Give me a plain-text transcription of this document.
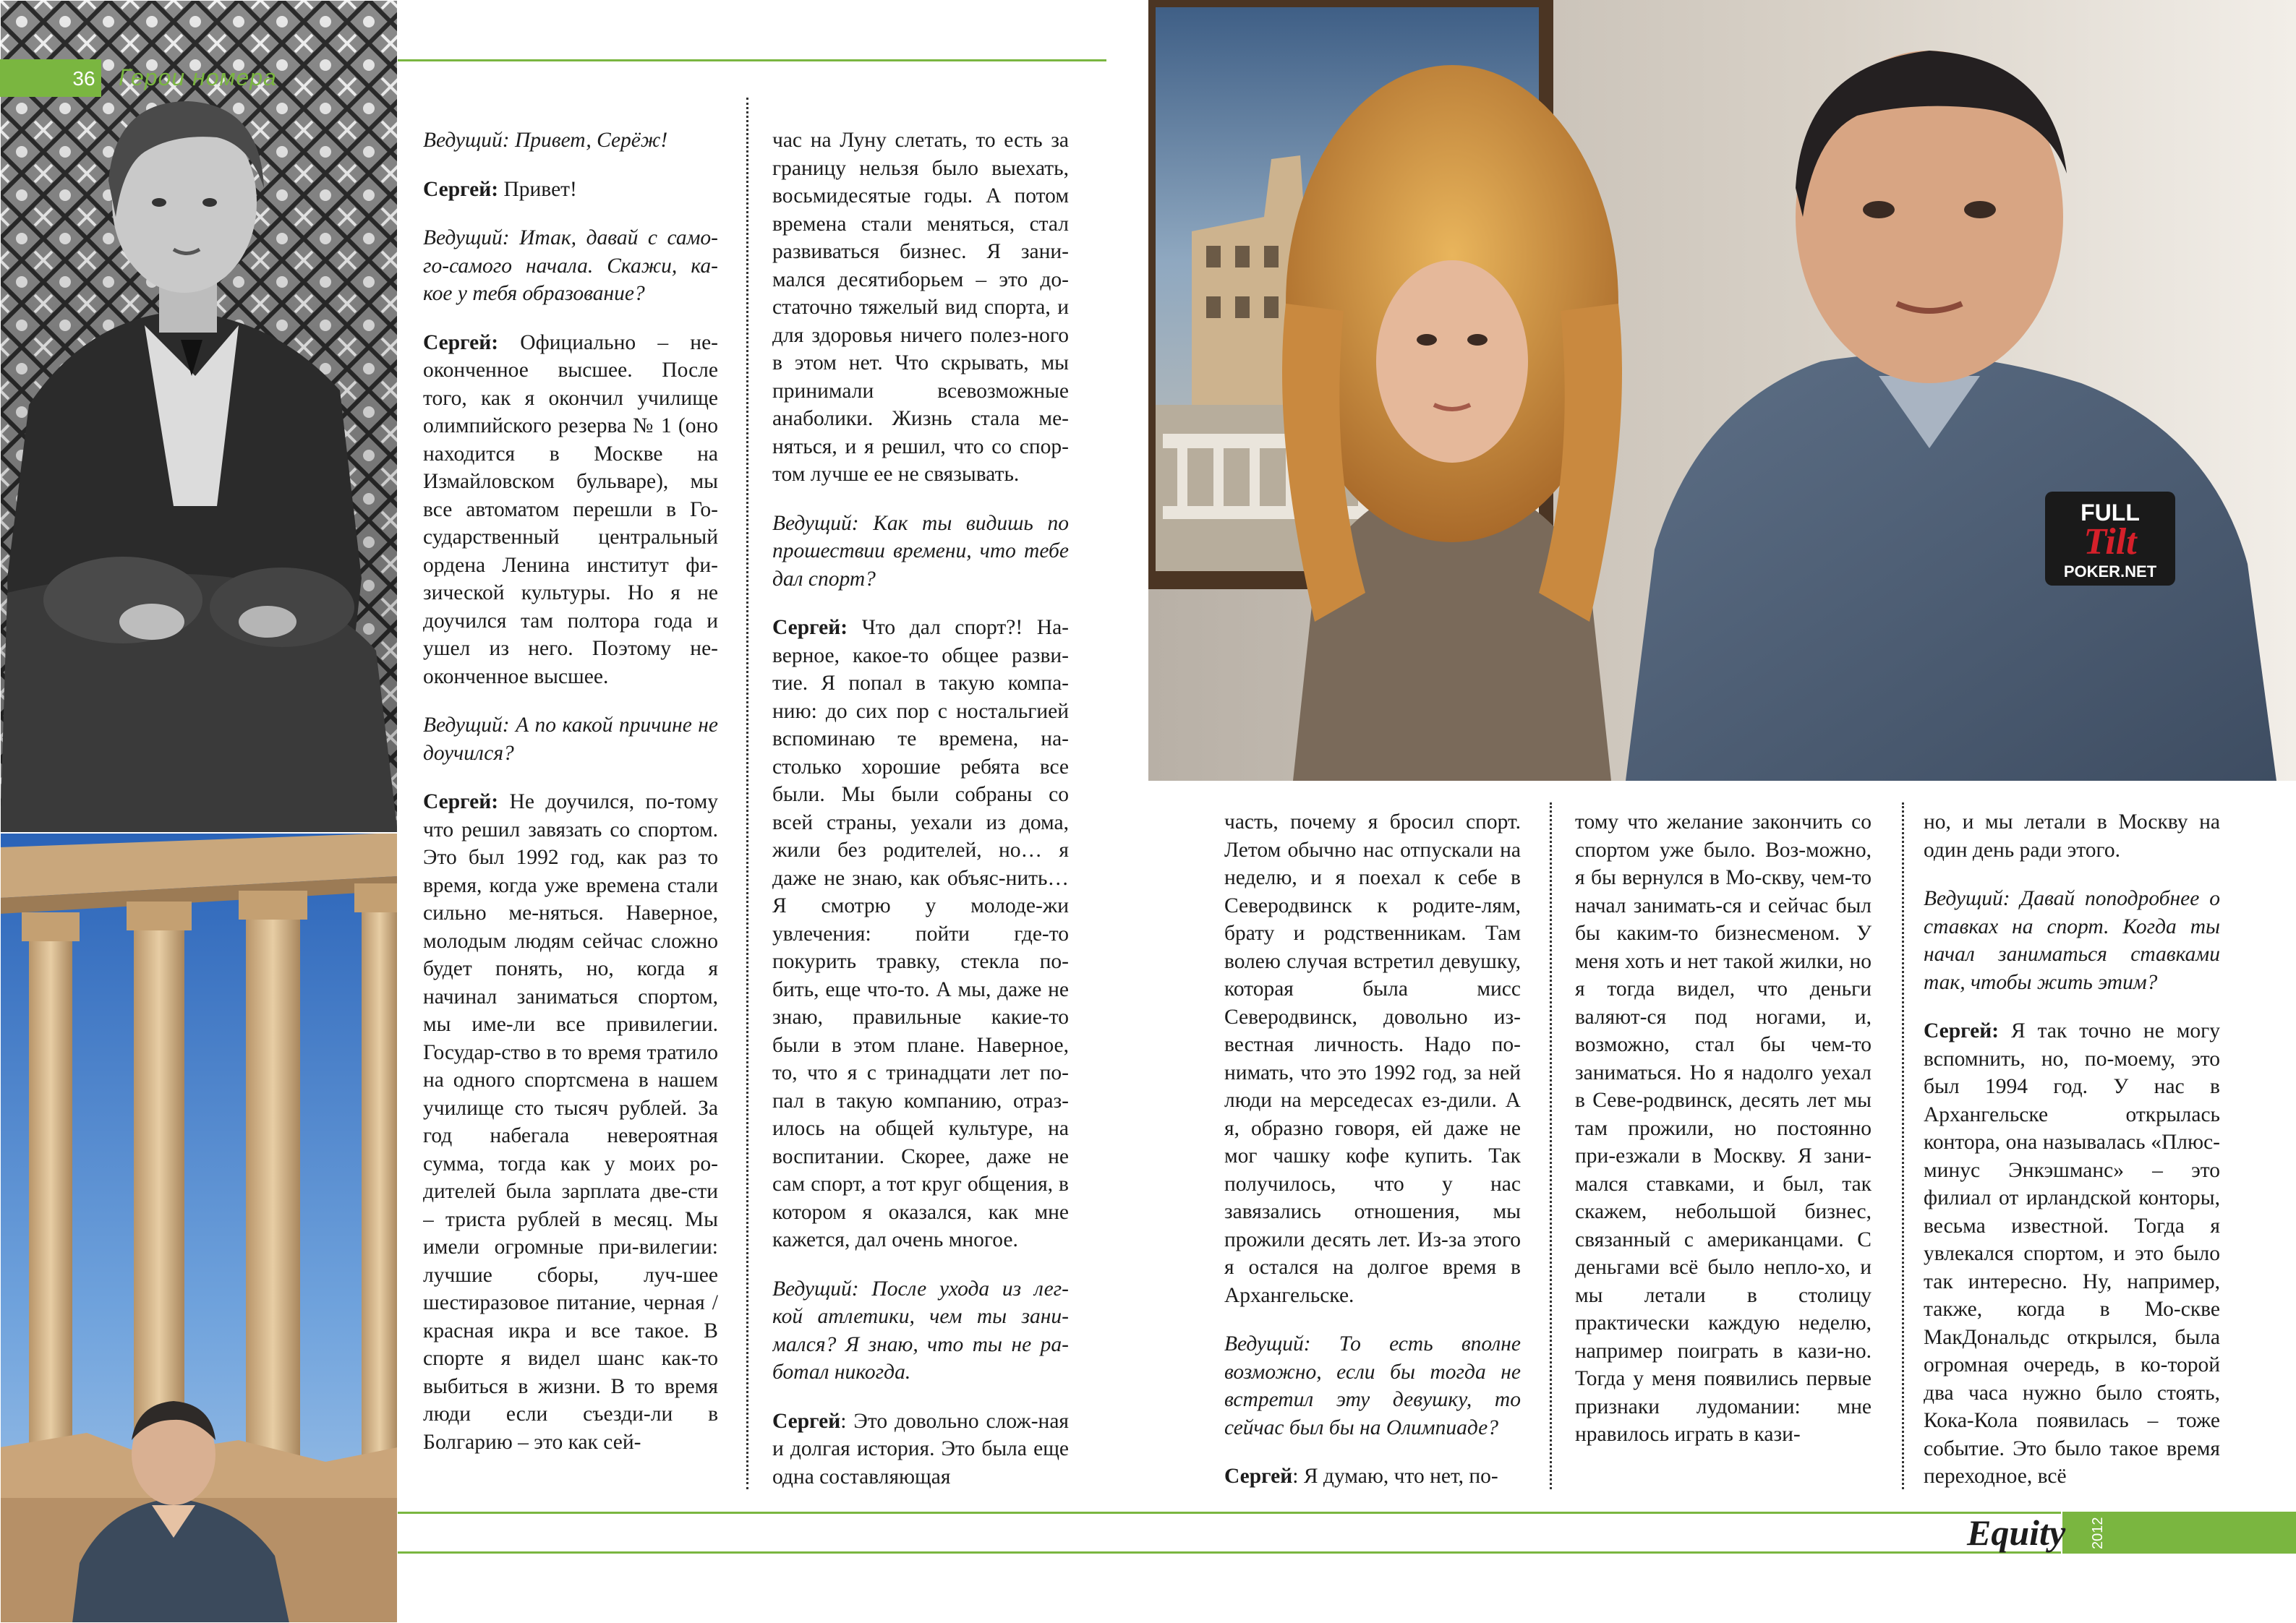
FULL
Tilt
POKER.NET
36 Герои номера

Ведущий: Привет, Серёж!

Сергей: Привет!

Ведущий: Итак, давай с само-го-самого начала. Скажи, ка-кое у тебя образование?

Сергей: Официально – не-оконченное высшее. После того, как я окончил училище олимпийского резерва № 1 (оно находится в Москве на Измайловском бульваре), мы все автоматом перешли в Го-сударственный центральный ордена Ленина институт фи-зической культуры. Но я не доучился там полтора года и ушел из него. Поэтому не-оконченное высшее.

Ведущий: А по какой причине не доучился?

Сергей: Не доучился, по-тому что решил завязать со спортом. Это был 1992 год, как раз то время, когда уже времена стали сильно ме-няться. Наверное, молодым людям сейчас сложно будет понять, но, когда я начинал заниматься спортом, мы име-ли все привилегии. Государ-ство в то время тратило на одного спортсмена в нашем училище сто тысяч рублей. За год набегала невероятная сумма, тогда как у моих ро-дителей была зарплата две-сти – триста рублей в месяц. Мы имели огромные при-вилегии: лучшие сборы, луч-шее шестиразовое питание, черная / красная икра и все такое. В спорте я видел шанс как-то выбиться в жизни. В то время люди если съезди-ли в Болгарию – это как сей-

час на Луну слетать, то есть за границу нельзя было выехать, восьмидесятые годы. А потом времена стали меняться, стал развиваться бизнес. Я зани-мался десятиборьем – это до-статочно тяжелый вид спорта, и для здоровья ничего полез-ного в этом нет. Что скрывать, мы принимали всевозможные анаболики. Жизнь стала ме-няться, и я решил, что со спор-том лучше ее не связывать.

Ведущий: Как ты видишь по прошествии времени, что тебе дал спорт?

Сергей: Что дал спорт?! На-верное, какое-то общее разви-тие. Я попал в такую компа-нию: до сих пор с ностальгией вспоминаю те времена, на-столько хорошие ребята все были. Мы были собраны со всей страны, уехали из дома, жили без родителей, но… я даже не знаю, как объяс-нить… Я смотрю у молоде-жи увлечения: пойти где-то покурить травку, стекла по-бить, еще что-то. А мы, даже не знаю, правильные какие-то были в этом плане. Наверное, то, что я с тринадцати лет по-пал в такую компанию, отраз-илось на общей культуре, на воспитании. Скорее, даже не сам спорт, а тот круг общения, в котором я оказался, как мне кажется, дал очень многое.

Ведущий: После ухода из лег-кой атлетики, чем ты зани-мался? Я знаю, что ты не ра-ботал никогда.

Сергей: Это довольно слож-ная и долгая история. Это была еще одна составляющая

часть, почему я бросил спорт. Летом обычно нас отпускали на неделю, и я поехал к себе в Северодвинск к родите-лям, брату и родственникам. Там волею случая встретил девушку, которая была мисс Северодвинск, довольно из-вестная личность. Надо по-нимать, что это 1992 год, за ней люди на мерседесах ез-дили. А я, образно говоря, ей даже не мог чашку кофе купить. Так получилось, что у нас завязались отношения, мы прожили десять лет. Из-за этого я остался на долгое время в Архангельске.

Ведущий: То есть вполне возможно, если бы тогда не встретил эту девушку, то сейчас был бы на Олимпиаде?

Сергей: Я думаю, что нет, по-

тому что желание закончить со спортом уже было. Воз-можно, я бы вернулся в Мо-скву, чем-то начал занимать-ся и сейчас был бы каким-то бизнесменом. У меня хоть и нет такой жилки, но я тогда видел, что деньги валяют-ся под ногами, и, возможно, стал бы чем-то заниматься. Но я надолго уехал в Севе-родвинск, десять лет мы там прожили, но постоянно при-езжали в Москву. Я зани-мался ставками, и был, так скажем, небольшой бизнес, связанный с американцами. С деньгами всё было непло-хо, и мы летали в столицу практически каждую неделю, например поиграть в кази-но. Тогда у меня появились первые признаки лудомании: мне нравилось играть в кази-

но, и мы летали в Москву на один день ради этого.

Ведущий: Давай поподробнее о ставках на спорт. Когда ты начал заниматься ставками так, чтобы жить этим?

Сергей: Я так точно не могу вспомнить, но, по-моему, это был 1994 год. У нас в Архангельске открылась контора, она называлась «Плюс-минус Энкэшманс» – это филиал от ирландской конторы, весьма известной. Тогда я увлекался спортом, и это было так интересно. Ну, например, также, когда в Мо-скве МакДональдс открылся, была огромная очередь, в ко-торой два часа нужно было стоять, Кока-Кола появилась – тоже событие. Это было такое время переходное, всё

Equity	2012
